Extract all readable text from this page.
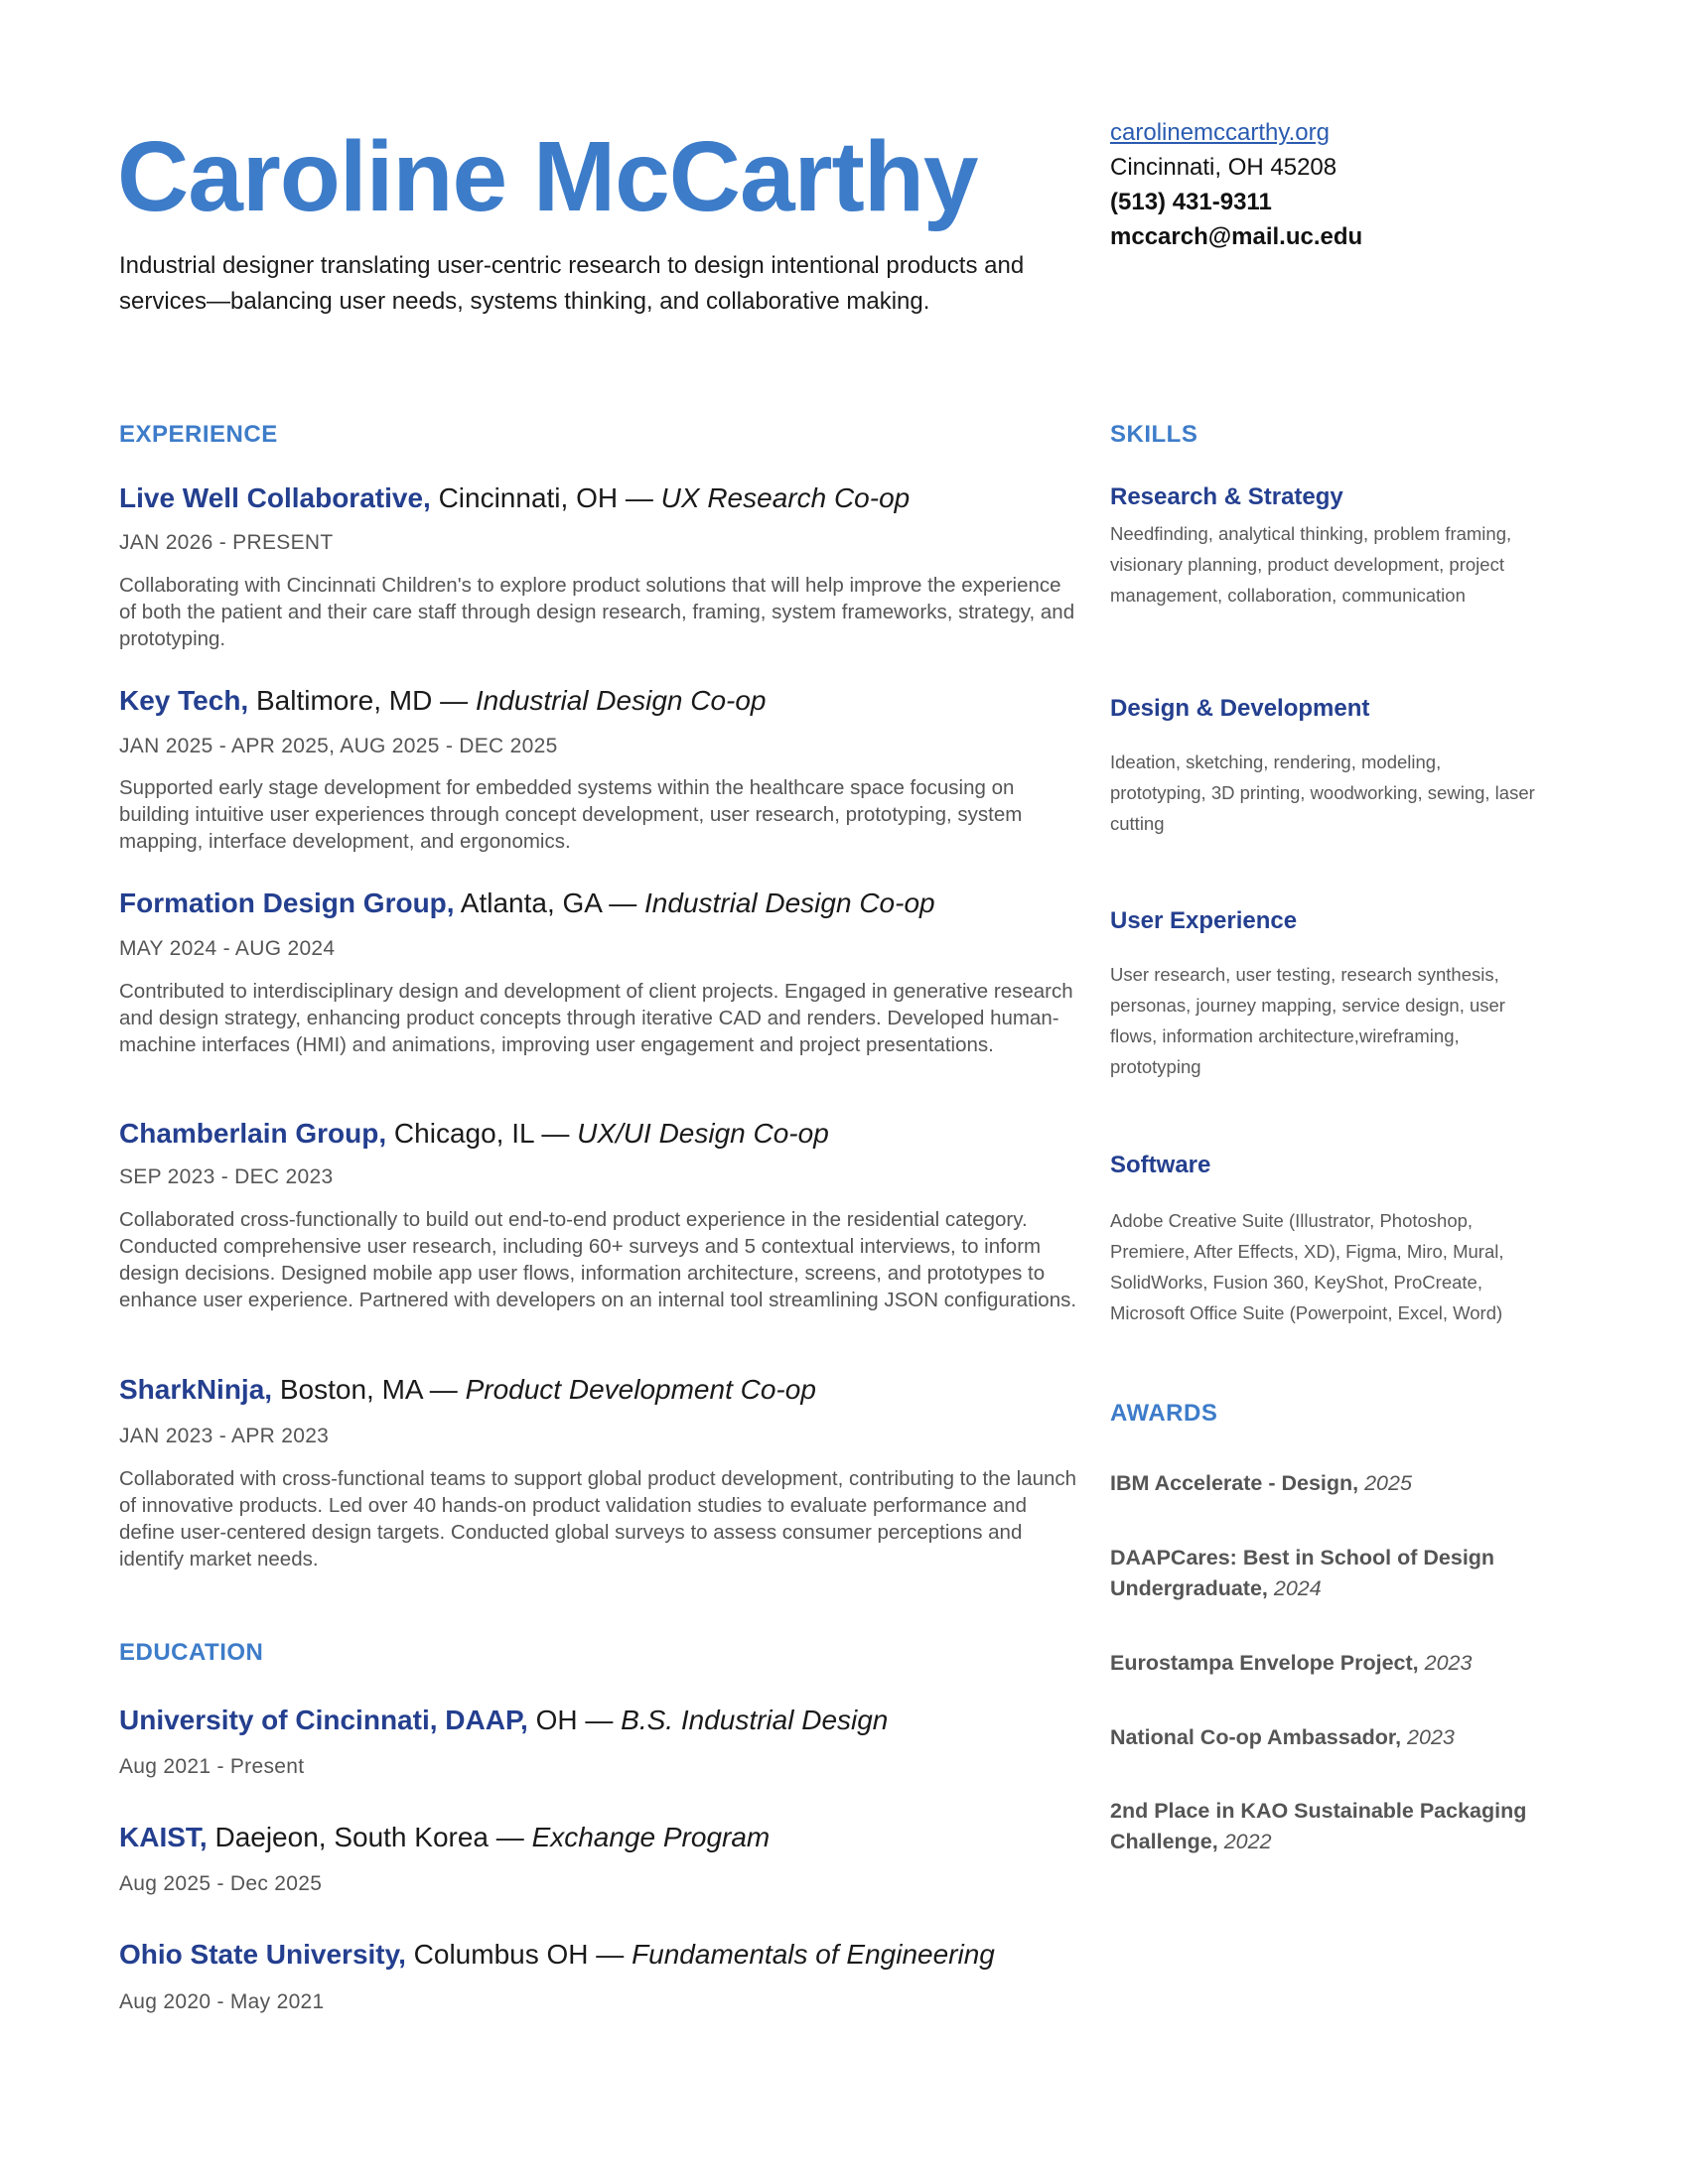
Caroline McCarthy
Industrial designer translating user-centric research to design intentional products and services—balancing user needs, systems thinking, and collaborative making.
carolinemccarthy.org
Cincinnati, OH 45208
(513) 431-9311
mccarch@mail.uc.edu
EXPERIENCE
Live Well Collaborative, Cincinnati, OH — UX Research Co-op
JAN 2026 - PRESENT
Collaborating with Cincinnati Children's to explore product solutions that will help improve the experience of both the patient and their care staff through design research, framing, system frameworks, strategy, and prototyping.
Key Tech, Baltimore, MD — Industrial Design Co-op
JAN 2025 - APR 2025, AUG 2025 - DEC 2025
Supported early stage development for embedded systems within the healthcare space focusing on building intuitive user experiences through concept development, user research, prototyping, system mapping, interface development, and ergonomics.
Formation Design Group, Atlanta, GA — Industrial Design Co-op
MAY 2024 - AUG 2024
Contributed to interdisciplinary design and development of client projects. Engaged in generative research and design strategy, enhancing product concepts through iterative CAD and renders. Developed human-machine interfaces (HMI) and animations, improving user engagement and project presentations.
Chamberlain Group, Chicago, IL — UX/UI Design Co-op
SEP 2023 - DEC 2023
Collaborated cross-functionally to build out end-to-end product experience in the residential category. Conducted comprehensive user research, including 60+ surveys and 5 contextual interviews, to inform design decisions. Designed mobile app user flows, information architecture, screens, and prototypes to enhance user experience. Partnered with developers on an internal tool streamlining JSON configurations.
SharkNinja, Boston, MA — Product Development Co-op
JAN 2023 - APR 2023
Collaborated with cross-functional teams to support global product development, contributing to the launch of innovative products. Led over 40 hands-on product validation studies to evaluate performance and define user-centered design targets. Conducted global surveys to assess consumer perceptions and identify market needs.
EDUCATION
University of Cincinnati, DAAP, OH — B.S. Industrial Design
Aug 2021 - Present
KAIST, Daejeon, South Korea — Exchange Program
Aug 2025 - Dec 2025
Ohio State University, Columbus OH — Fundamentals of Engineering
Aug 2020 - May 2021
SKILLS
Research & Strategy
Needfinding, analytical thinking, problem framing, visionary planning, product development, project management, collaboration, communication
Design & Development
Ideation, sketching, rendering, modeling, prototyping, 3D printing, woodworking, sewing, laser cutting
User Experience
User research, user testing, research synthesis, personas, journey mapping, service design, user flows, information architecture,wireframing, prototyping
Software
Adobe Creative Suite (Illustrator, Photoshop, Premiere, After Effects, XD), Figma, Miro, Mural, SolidWorks, Fusion 360, KeyShot, ProCreate, Microsoft Office Suite (Powerpoint, Excel, Word)
AWARDS
IBM Accelerate - Design, 2025
DAAPCares: Best in School of Design Undergraduate, 2024
Eurostampa Envelope Project, 2023
National Co-op Ambassador, 2023
2nd Place in KAO Sustainable Packaging Challenge, 2022
